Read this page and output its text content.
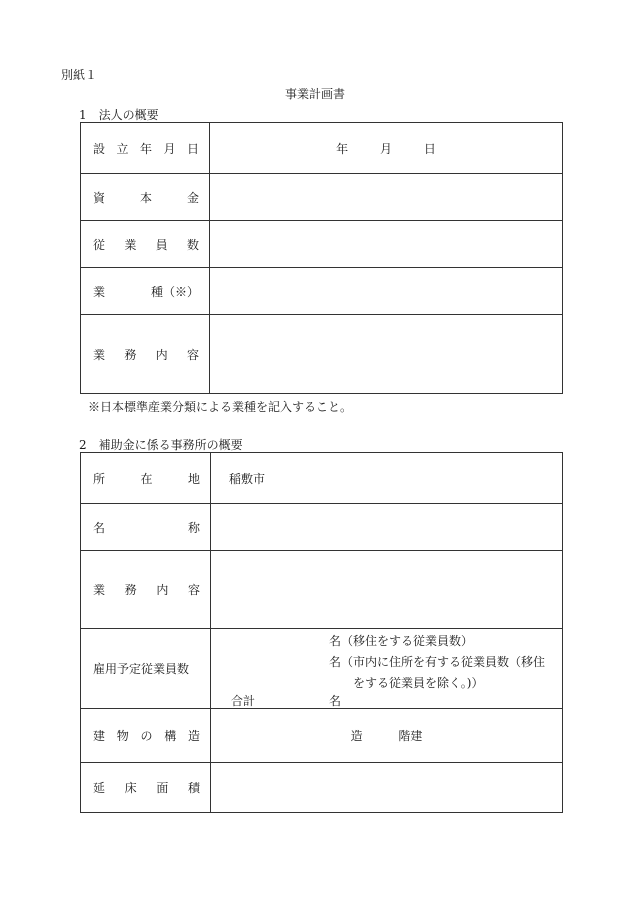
別紙１
事業計画書
1　法人の概要
設 立 年 月 日	年 月 日

資 本 金	

従 業 員 数	

業 種（※）	

業 務 内 容	

※日本標準産業分類による業種を記入すること。
2　補助金に係る事務所の概要
所 在 地	稲敷市

名 称	

業 務 内 容	

雇用予定従業員数	名（移住をする従業員数）
名（市内に住所を有する従業員数（移住
をする従業員を除く。)）
合計 名

建 物 の 構 造	造 階建

延 床 面 積	
